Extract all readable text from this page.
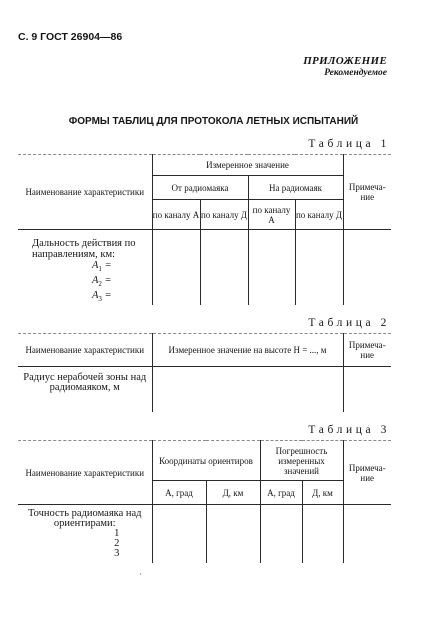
С. 9 ГОСТ 26904—86
ПРИЛОЖЕНИЕ
Рекомендуемое
ФОРМЫ ТАБЛИЦ ДЛЯ ПРОТОКОЛА ЛЕТНЫХ ИСПЫТАНИЙ
Таблица 1
Наименование характеристики	Измеренное значение				Примеча-ние
	От радиомаяка		На радиомаяк		
	по каналу А	по каналу Д	по каналу А	по каналу Д	
Дальность действия по направлениям, км:
$A_1$ =
$A_2$ =
$A_3$ =					

Таблица 2
Наименование характеристики	Измеренное значение на высоте Н = ..., м	Примеча-ние
Радиус нерабочей зоны над радиомаяком, м		
Таблица 3
Наименование характеристики	Координаты ориентиров		Погрешность измеренных значений		Примеча-ние
	А, град	Д, км	А, град	Д, км	
Точность радиомаяка над ориентирами:
1
2
3					

·
